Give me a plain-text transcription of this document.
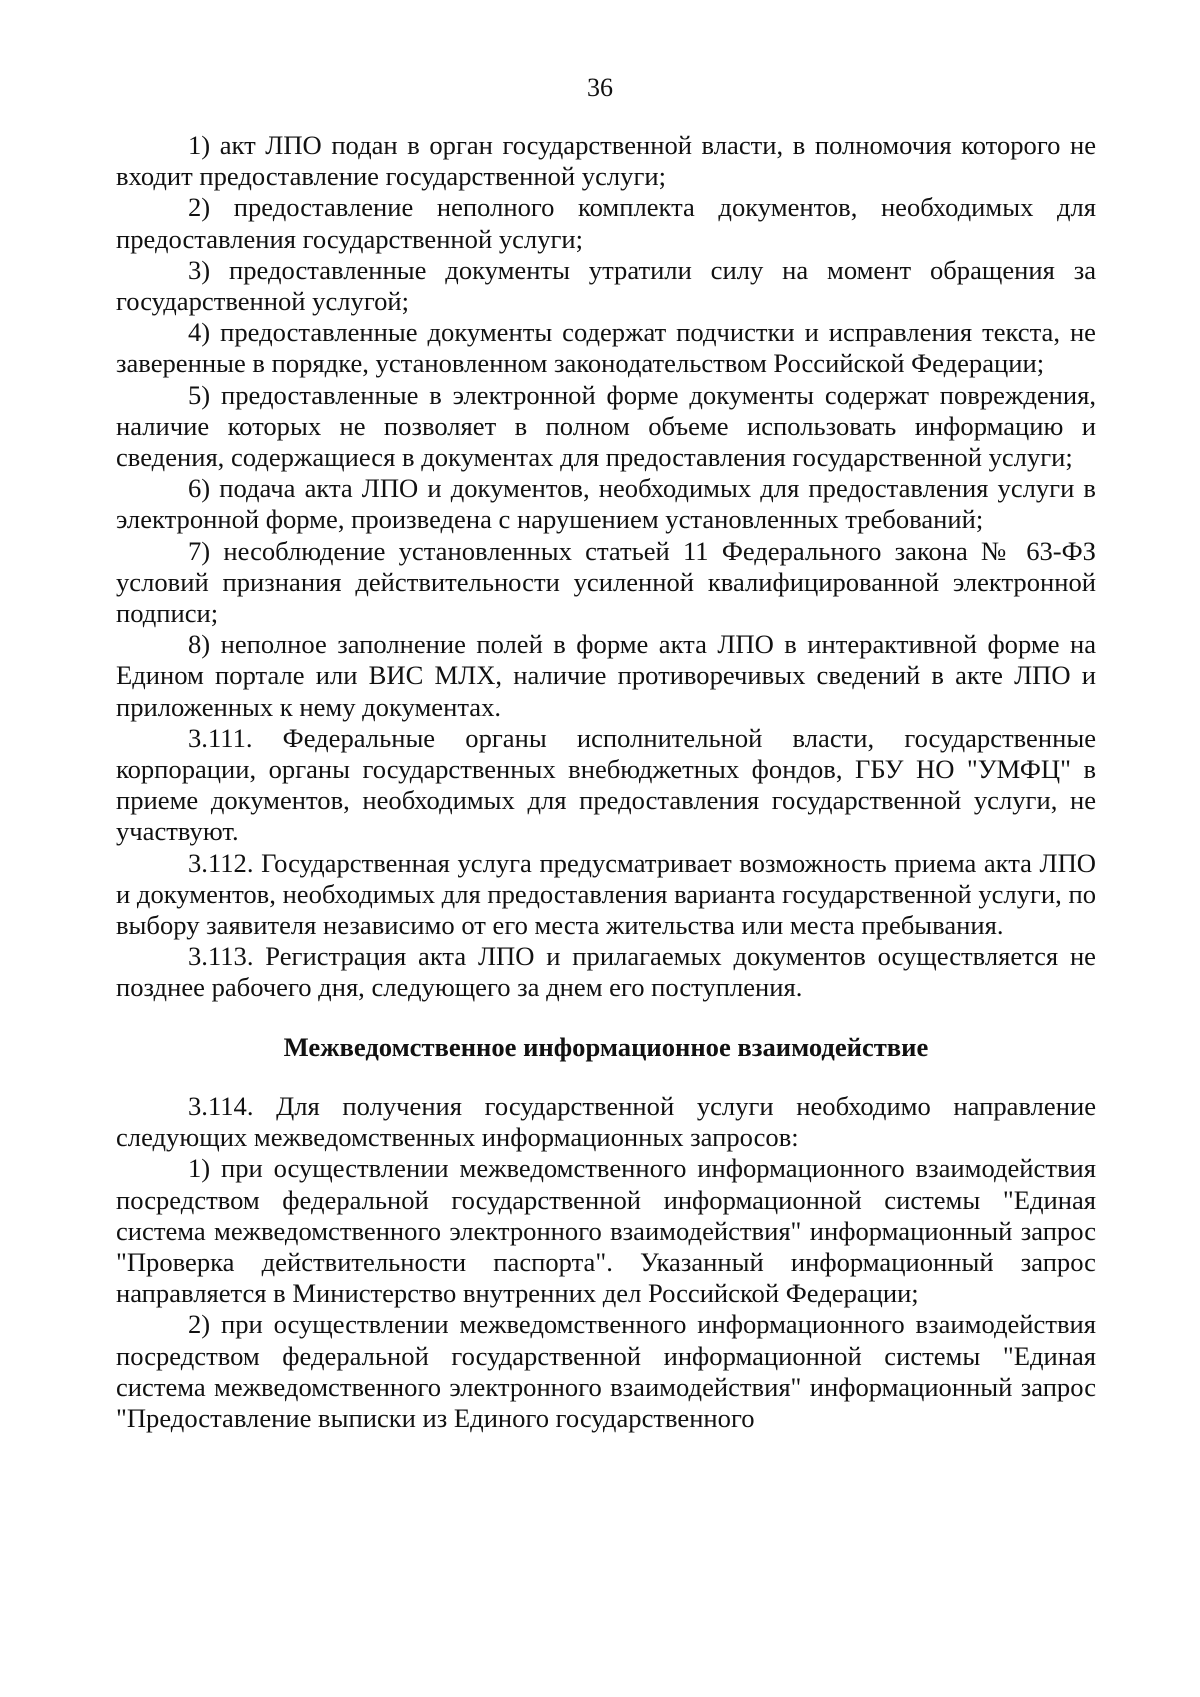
36

1) акт ЛПО подан в орган государственной власти, в полномочия которого не входит предоставление государственной услуги;

2) предоставление неполного комплекта документов, необходимых для предоставления государственной услуги;

3) предоставленные документы утратили силу на момент обращения за государственной услугой;

4) предоставленные документы содержат подчистки и исправления текста, не заверенные в порядке, установленном законодательством Российской Федерации;

5) предоставленные в электронной форме документы содержат повреждения, наличие которых не позволяет в полном объеме использовать информацию и сведения, содержащиеся в документах для предоставления государственной услуги;

6) подача акта ЛПО и документов, необходимых для предоставления услуги в электронной форме, произведена с нарушением установленных требований;

7) несоблюдение установленных статьей 11 Федерального закона № 63-ФЗ условий признания действительности усиленной квалифицированной электронной подписи;

8) неполное заполнение полей в форме акта ЛПО в интерактивной форме на Едином портале или ВИС МЛХ, наличие противоречивых сведений в акте ЛПО и приложенных к нему документах.

3.111. Федеральные органы исполнительной власти, государственные корпорации, органы государственных внебюджетных фондов, ГБУ НО "УМФЦ" в приеме документов, необходимых для предоставления государственной услуги, не участвуют.

3.112. Государственная услуга предусматривает возможность приема акта ЛПО и документов, необходимых для предоставления варианта государственной услуги, по выбору заявителя независимо от его места жительства или места пребывания.

3.113. Регистрация акта ЛПО и прилагаемых документов осуществляется не позднее рабочего дня, следующего за днем его поступления.

Межведомственное информационное взаимодействие

3.114. Для получения государственной услуги необходимо направление следующих межведомственных информационных запросов:

1) при осуществлении межведомственного информационного взаимодействия посредством федеральной государственной информационной системы "Единая система межведомственного электронного взаимодействия" информационный запрос "Проверка действительности паспорта". Указанный информационный запрос направляется в Министерство внутренних дел Российской Федерации;

2) при осуществлении межведомственного информационного взаимодействия посредством федеральной государственной информационной системы "Единая система межведомственного электронного взаимодействия" информационный запрос "Предоставление выписки из Единого государственного
